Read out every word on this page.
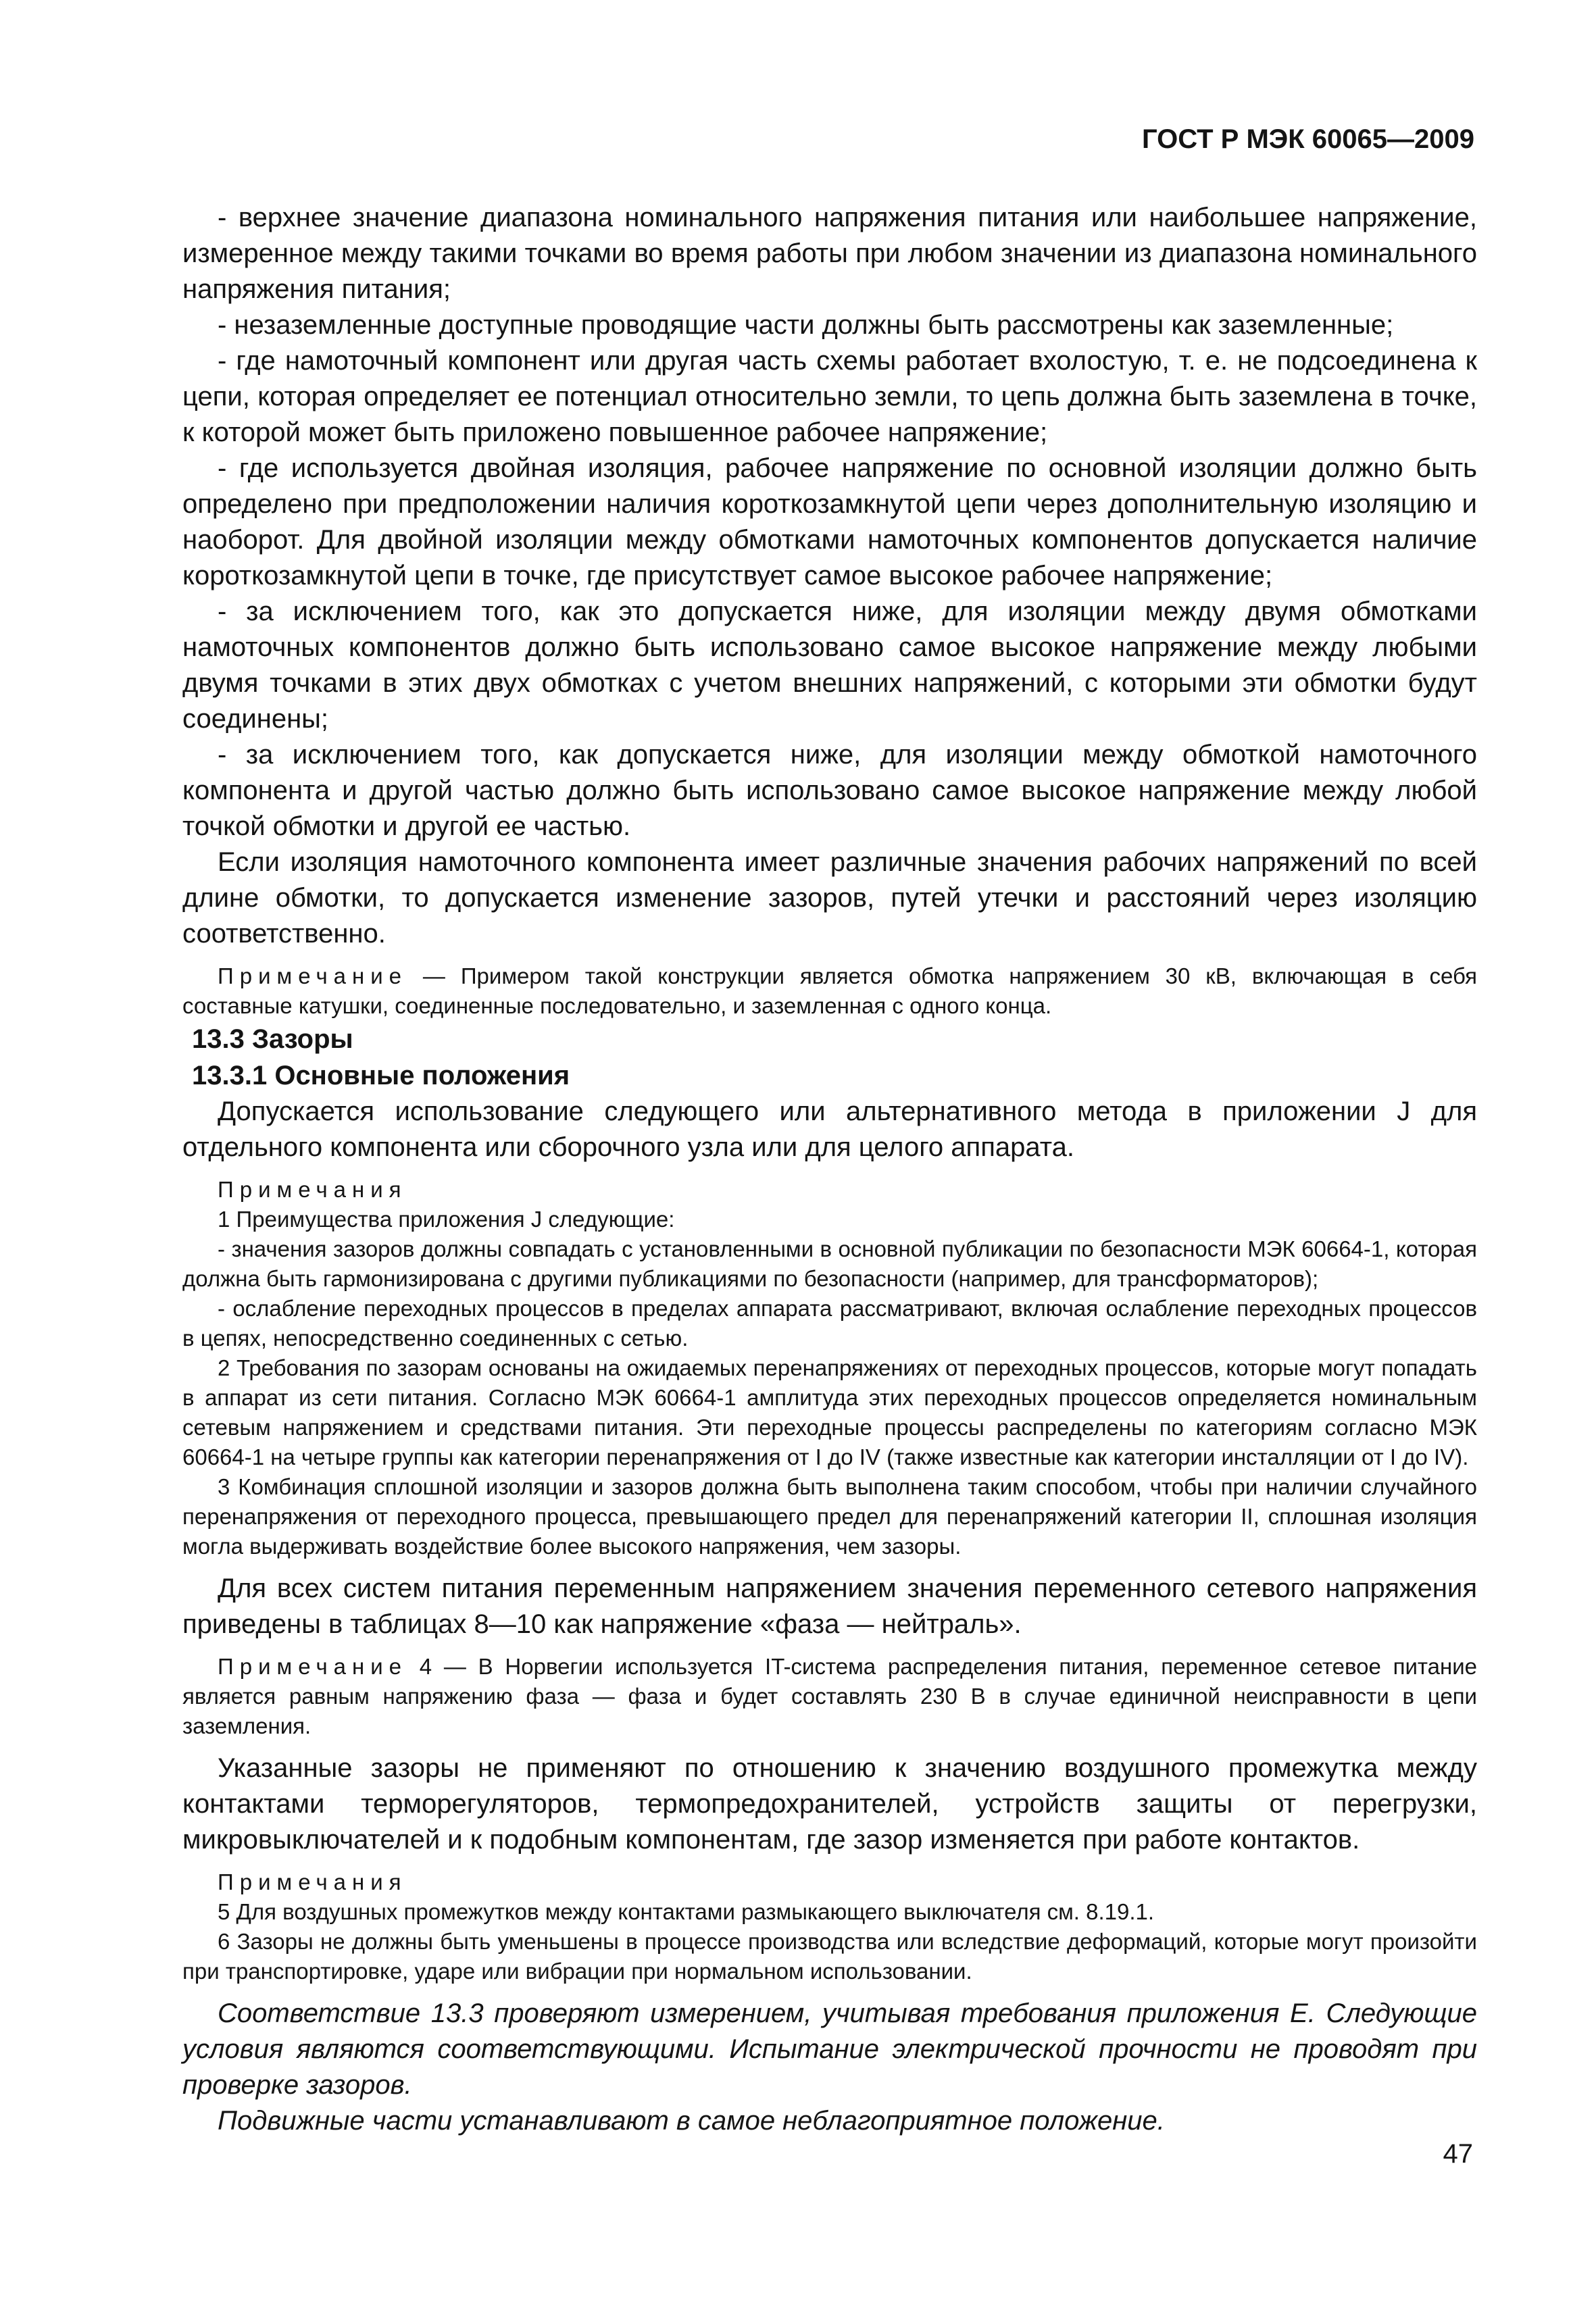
ГОСТ Р МЭК 60065—2009

- верхнее значение диапазона номинального напряжения питания или наибольшее напряжение, измеренное между такими точками во время работы при любом значении из диапазона номинального напряжения питания;

- незаземленные доступные проводящие части должны быть рассмотрены как заземленные;

- где намоточный компонент или другая часть схемы работает вхолостую, т. е. не подсоединена к цепи, которая определяет ее потенциал относительно земли, то цепь должна быть заземлена в точке, к которой может быть приложено повышенное рабочее напряжение;

- где используется двойная изоляция, рабочее напряжение по основной изоляции должно быть определено при предположении наличия короткозамкнутой цепи через дополнительную изоляцию и наоборот. Для двойной изоляции между обмотками намоточных компонентов допускается наличие короткозамкнутой цепи в точке, где присутствует самое высокое рабочее напряжение;

- за исключением того, как это допускается ниже, для изоляции между двумя обмотками намоточных компонентов должно быть использовано самое высокое напряжение между любыми двумя точками в этих двух обмотках с учетом внешних напряжений, с которыми эти обмотки будут соединены;

- за исключением того, как допускается ниже, для изоляции между обмоткой намоточного компонента и другой частью должно быть использовано самое высокое напряжение между любой точкой обмотки и другой ее частью.

Если изоляция намоточного компонента имеет различные значения рабочих напряжений по всей длине обмотки, то допускается изменение зазоров, путей утечки и расстояний через изоляцию соответственно.

Примечание — Примером такой конструкции является обмотка напряжением 30 кВ, включающая в себя составные катушки, соединенные последовательно, и заземленная с одного конца.

13.3 Зазоры

13.3.1 Основные положения

Допускается использование следующего или альтернативного метода в приложении J для отдельного компонента или сборочного узла или для целого аппарата.

Примечания

1 Преимущества приложения J следующие:

- значения зазоров должны совпадать с установленными в основной публикации по безопасности МЭК 60664-1, которая должна быть гармонизирована с другими публикациями по безопасности (например, для трансформаторов);

- ослабление переходных процессов в пределах аппарата рассматривают, включая ослабление переходных процессов в цепях, непосредственно соединенных с сетью.

2 Требования по зазорам основаны на ожидаемых перенапряжениях от переходных процессов, которые могут попадать в аппарат из сети питания. Согласно МЭК 60664-1 амплитуда этих переходных процессов определяется номинальным сетевым напряжением и средствами питания. Эти переходные процессы распределены по категориям согласно МЭК 60664-1 на четыре группы как категории перенапряжения от I до IV (также известные как категории инсталляции от I до IV).

3 Комбинация сплошной изоляции и зазоров должна быть выполнена таким способом, чтобы при наличии случайного перенапряжения от переходного процесса, превышающего предел для перенапряжений категории II, сплошная изоляция могла выдерживать воздействие более высокого напряжения, чем зазоры.

Для всех систем питания переменным напряжением значения переменного сетевого напряжения приведены в таблицах 8—10 как напряжение «фаза — нейтраль».

Примечание 4 — В Норвегии используется IT-система распределения питания, переменное сетевое питание является равным напряжению фаза — фаза и будет составлять 230 В в случае единичной неисправности в цепи заземления.

Указанные зазоры не применяют по отношению к значению воздушного промежутка между контактами терморегуляторов, термопредохранителей, устройств защиты от перегрузки, микровыключателей и к подобным компонентам, где зазор изменяется при работе контактов.

Примечания

5 Для воздушных промежутков между контактами размыкающего выключателя см. 8.19.1.

6 Зазоры не должны быть уменьшены в процессе производства или вследствие деформаций, которые могут произойти при транспортировке, ударе или вибрации при нормальном использовании.

Соответствие 13.3 проверяют измерением, учитывая требования приложения Е. Следующие условия являются соответствующими. Испытание электрической прочности не проводят при проверке зазоров.

Подвижные части устанавливают в самое неблагоприятное положение.

47
